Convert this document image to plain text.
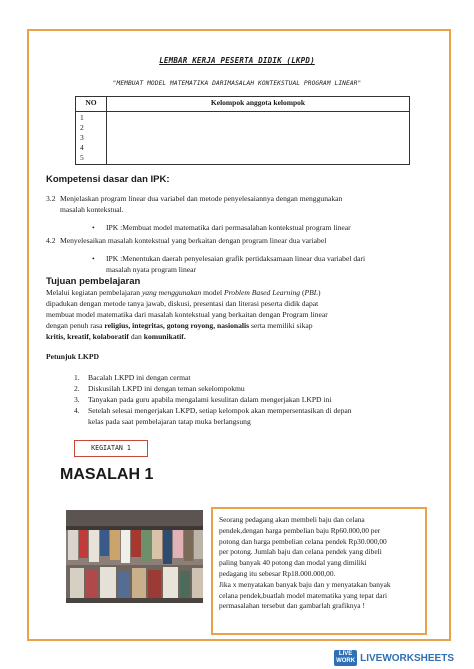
LEMBAR KERJA PESERTA DIDIK (LKPD)
"MEMBUAT MODEL MATEMATIKA DARIMASALAH KONTEKSTUAL PROGRAM LINEAR"
NO	Kelompok anggota kelompok

1
2
3
4
5	

Kompetensi dasar dan IPK:
3.2 Menjelaskan program linear dua variabel dan metode penyelesaiannya dengan menggunakan
masalah kontekstual.
• IPK :Membuat model matematika dari permasalahan kontekstual program linear
4.2 Menyelesaikan masalah kontekstual yang berkaitan dengan program linear dua variabel
• IPK :Menentukan daerah penyelesaian grafik pertidaksamaan linear dua variabel dari
masalah nyata program linear
Tujuan pembelajaran
Melalui kegiatan pembelajaran yang menggunakan model Problem Based Learning (PBL)
dipadukan dengan metode tanya jawab, diskusi, presentasi dan literasi peserta didik dapat
membuat model matematika dari masalah kontekstual yang berkaitan dengan Program linear
dengan penuh rasa religius, integritas, gotong royong, nasionalis serta memiliki sikap
kritis, kreatif, kolaboratif dan komunikatif.
Petunjuk LKPD
1. Bacalah LKPD ini dengan cermat
2. Diskusilah LKPD ini dengan teman sekelompokmu
3. Tanyakan pada guru apabila mengalami kesulitan dalam mengerjakan LKPD ini
4. Setelah selesai mengerjakan LKPD, setiap kelompok akan mempersentasikan di depan
kelas pada saat pembelajaran tatap muka berlangsung
KEGIATAN 1
MASALAH 1
Seorang pedagang akan membeli baju dan celana
pendek,dengan harga pembelian baju Rp60.000,00 per
potong dan harga pembelian celana pendek Rp30.000,00
per potong. Jumlah baju dan celana pendek yang dibeli
paling banyak 40 potong dan modal yang dimiliki
pedagang itu sebesar Rp18.000.000,00.
Jika x menyatakan banyak baju dan y menyatakan banyak
celana pendek,buatlah model matematika yang tepat dari
permasalahan tersebut dan gambarlah grafiknya !
LIVE
WORK LIVEWORKSHEETS
